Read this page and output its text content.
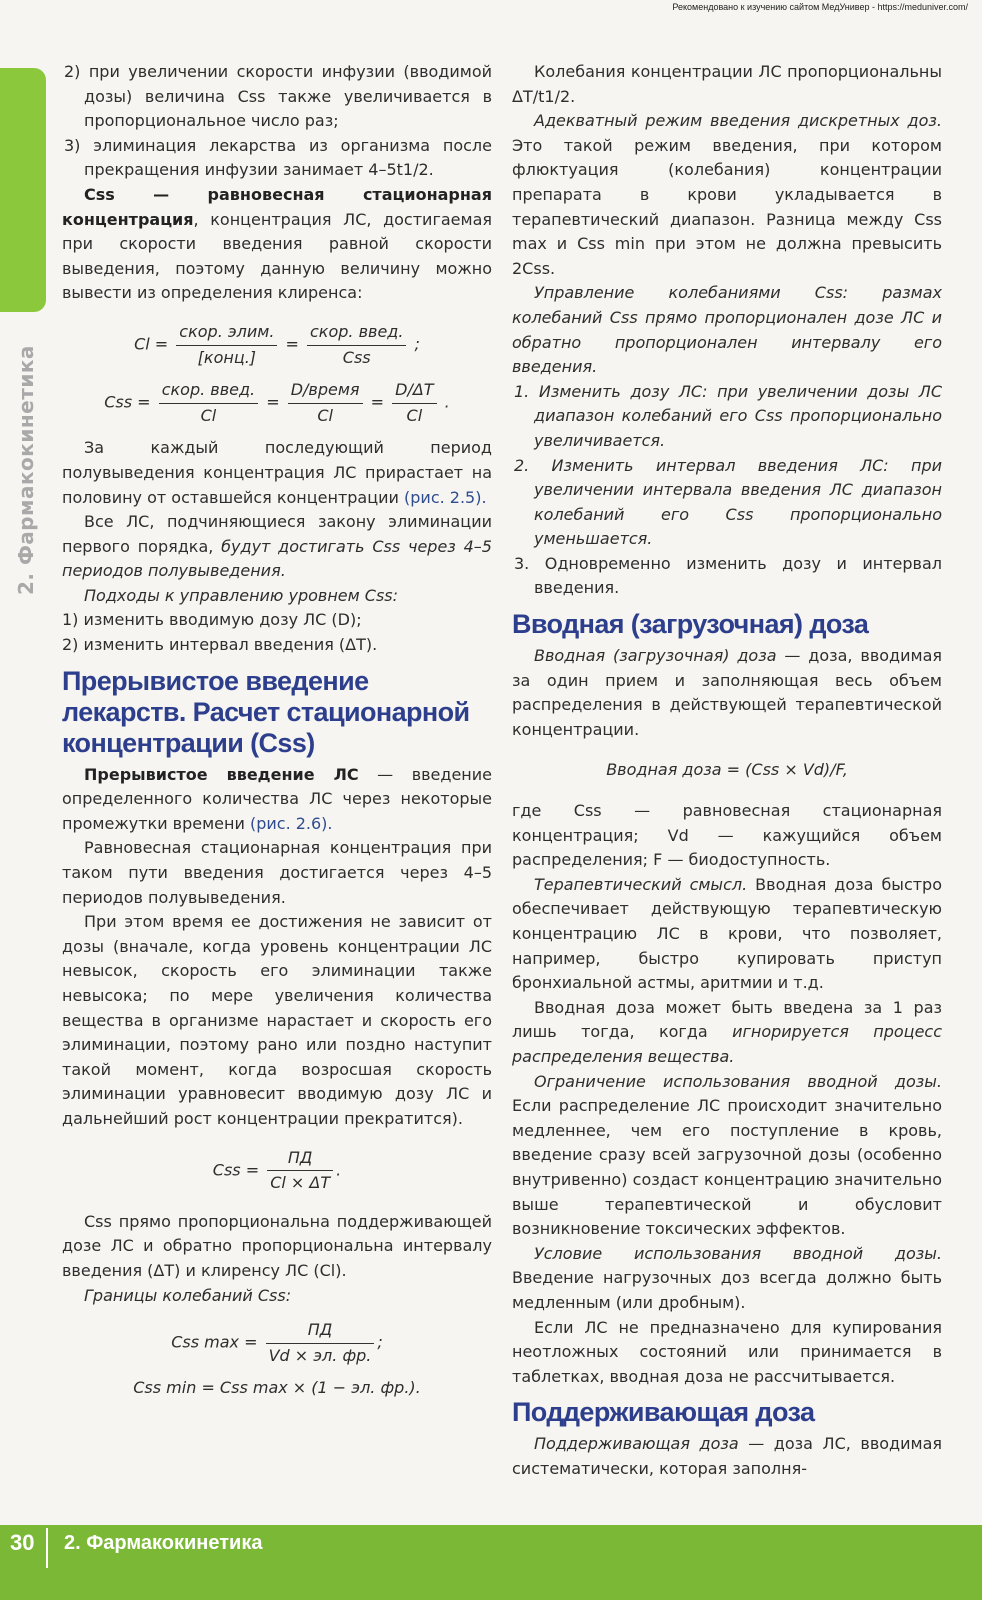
Рекомендовано к изучению сайтом МедУнивер - https://meduniver.com/
2. Фармакокинетика

2) при увеличении скорости инфузии (вводимой дозы) величина Css также увеличивается в пропорциональное число раз;

3) элиминация лекарства из организма после прекращения инфузии занимает 4–5t1/2.

Css — равновесная стационарная концентрация, концентрация ЛС, достигаемая при скорости введения равной скорости выведения, поэтому данную величину можно вывести из определения клиренса:

$Cl = \frac{\text{скор. элим.}}{\text{[конц.]}} = \frac{\text{скор. введ.}}{\text{Css}}$ ;
Css = $\frac{\text{скор. введ.}}{Cl} = \frac{\text{D/время}}{Cl} = \frac{D/\Delta T}{Cl}$ .

За каждый последующий период полувыведения концентрация ЛС прирастает на половину от оставшейся концентрации (рис. 2.5).

Все ЛС, подчиняющиеся закону элиминации первого порядка, будут достигать Css через 4–5 периодов полувыведения.

Подходы к управлению уровнем Css:

1) изменить вводимую дозу ЛС (D);

2) изменить интервал введения (ΔT).

Прерывистое введение лекарств. Расчет стационарной концентрации (Css)

Прерывистое введение ЛС — введение определенного количества ЛС через некоторые промежутки времени (рис. 2.6).

Равновесная стационарная концентрация при таком пути введения достигается через 4–5 периодов полувыведения.

При этом время ее достижения не зависит от дозы (вначале, когда уровень концентрации ЛС невысок, скорость его элиминации также невысока; по мере увеличения количества вещества в организме нарастает и скорость его элиминации, поэтому рано или поздно наступит такой момент, когда возросшая скорость элиминации уравновесит вводимую дозу ЛС и дальнейший рост концентрации прекратится).

Css = $\frac{ПД}{Cl \times \Delta T}$ .

Css прямо пропорциональна поддерживающей дозе ЛС и обратно пропорциональна интервалу введения (ΔT) и клиренсу ЛС (Cl).

Границы колебаний Css:

Css $\max = \frac{ПД}{Vd \times эл. фр.}$ ;
Css min = Css max × (1 − эл. фр.).

Колебания концентрации ЛС пропорциональны ΔT/t1/2.

Адекватный режим введения дискретных доз. Это такой режим введения, при котором флюктуация (колебания) концентрации препарата в крови укладывается в терапевтический диапазон. Разница между Css max и Css min при этом не должна превысить 2Css.

Управление колебаниями Css: размах колебаний Css прямо пропорционален дозе ЛС и обратно пропорционален интервалу его введения.

1. Изменить дозу ЛС: при увеличении дозы ЛС диапазон колебаний его Css пропорционально увеличивается.

2. Изменить интервал введения ЛС: при увеличении интервала введения ЛС диапазон колебаний его Css пропорционально уменьшается.

3. Одновременно изменить дозу и интервал введения.

Вводная (загрузочная) доза

Вводная (загрузочная) доза — доза, вводимая за один прием и заполняющая весь объем распределения в действующей терапевтической концентрации.

Вводная доза = (Css × Vd)/F,

где Css — равновесная стационарная концентрация; Vd — кажущийся объем распределения; F — биодоступность.

Терапевтический смысл. Вводная доза быстро обеспечивает действующую терапевтическую концентрацию ЛС в крови, что позволяет, например, быстро купировать приступ бронхиальной астмы, аритмии и т.д.

Вводная доза может быть введена за 1 раз лишь тогда, когда игнорируется процесс распределения вещества.

Ограничение использования вводной дозы. Если распределение ЛС происходит значительно медленнее, чем его поступление в кровь, введение сразу всей загрузочной дозы (особенно внутривенно) создаст концентрацию значительно выше терапевтической и обусловит возникновение токсических эффектов.

Условие использования вводной дозы. Введение нагрузочных доз всегда должно быть медленным (или дробным).

Если ЛС не предназначено для купирования неотложных состояний или принимается в таблетках, вводная доза не рассчитывается.

Поддерживающая доза

Поддерживающая доза — доза ЛС, вводимая систематически, которая заполня-

30 2. Фармакокинетика
